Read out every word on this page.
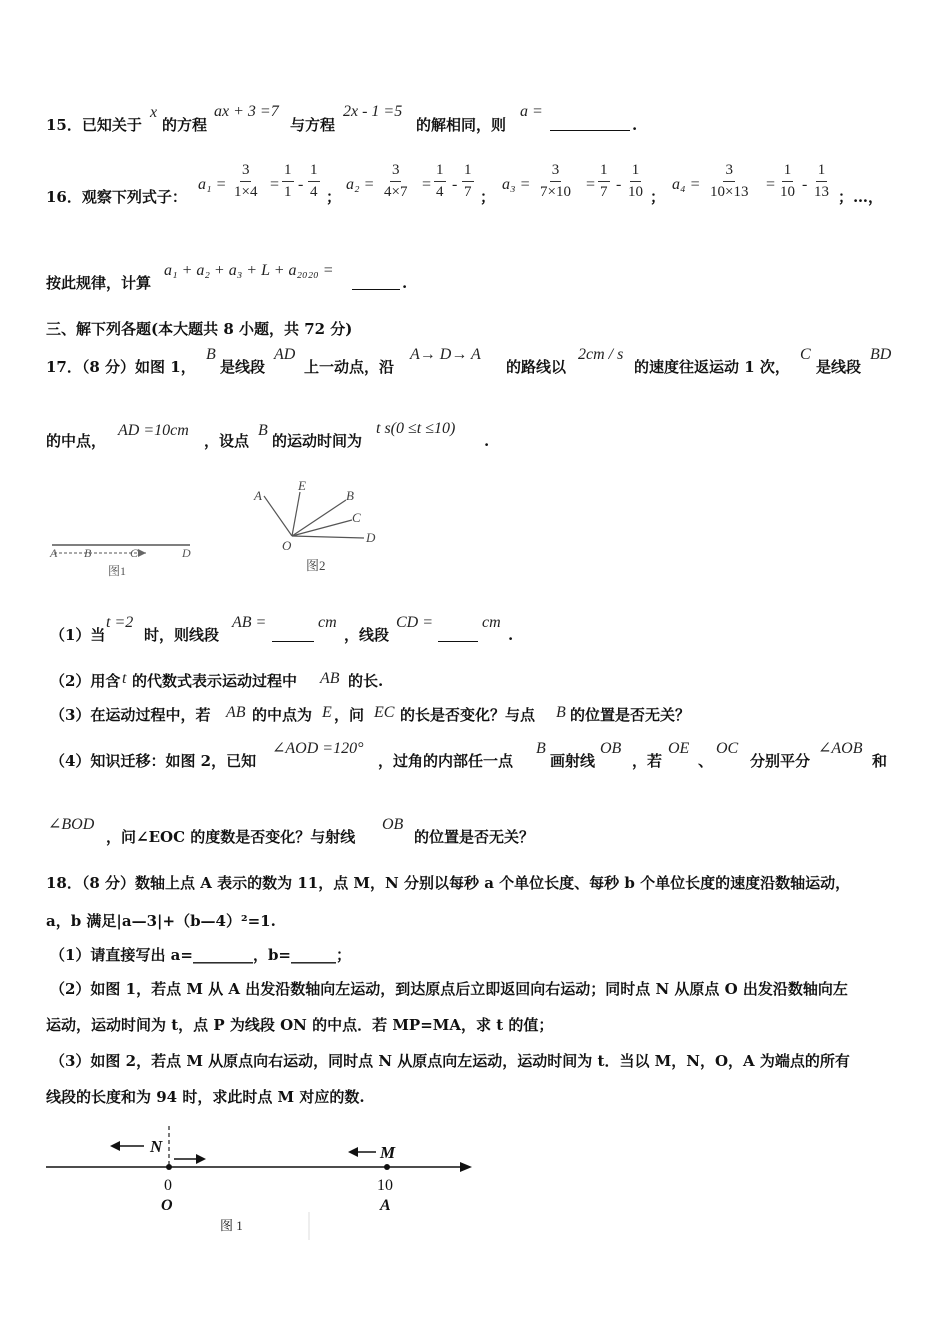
15．已知关于
x
的方程
ax + 3 =7
与方程
2x - 1 =5
的解相同，则
a =
.
16．观察下列式子：
$a_1 = \frac{3}{1\times 4} = \frac{1}{1} - \frac{1}{4}$ ；
$a_2 = \frac{3}{4\times 7} = \frac{1}{4} - \frac{1}{7}$ ；
$a_3 = \frac{3}{7\times 10} = \frac{1}{7} - \frac{1}{10}$ ；
$a_4 = \frac{3}{10\times 13} = \frac{1}{10} - \frac{1}{13}$ ；…，
按此规律，计算
a₁ + a₂ + a₃ + L + a₂₀₂₀ =
.
三、解下列各题(本大题共 8 小题，共 72 分)
17．（8 分）如图 1，
B
是线段
AD
上一动点，沿
A→ D→ A
的路线以
2cm / s
的速度往返运动 1 次，
C
是线段
BD
的中点，
AD =10cm
，设点
B
的运动时间为
t s(0 ≤t ≤10)
.
A B	C	D
图1
A
E
B
C
D
O
图2
（1）当
t =2
时，则线段
AB =	cm
，线段
CD =	cm
.
（2）用含 t 的代数式表示运动过程中 AB 的长.
（3）在运动过程中，若 AB 的中点为 E ，问 EC 的长是否变化？与点 B 的位置是否无关？
（4）知识迁移：如图 2，已知
∠AOD =120°
，过角的内部任一点
B
画射线
OB
，若
OE
、
OC
分别平分
∠AOB
和
∠BOD
，问∠EOC 的度数是否变化？与射线
OB
的位置是否无关？
18．（8 分）数轴上点 A 表示的数为 11，点 M，N 分别以每秒 a 个单位长度、每秒 b 个单位长度的速度沿数轴运动，
a，b 满足|a—3|+（b—4）²=1.
（1）请直接写出 a=________，b=______；
（2）如图 1，若点 M 从 A 出发沿数轴向左运动，到达原点后立即返回向右运动；同时点 N 从原点 O 出发沿数轴向左
运动，运动时间为 t，点 P 为线段 ON 的中点．若 MP=MA，求 t 的值；
（3）如图 2，若点 M 从原点向右运动，同时点 N 从原点向左运动，运动时间为 t．当以 M，N，O，A 为端点的所有
线段的长度和为 94 时，求此时点 M 对应的数.
N	M
0	10
O	A
图 1
